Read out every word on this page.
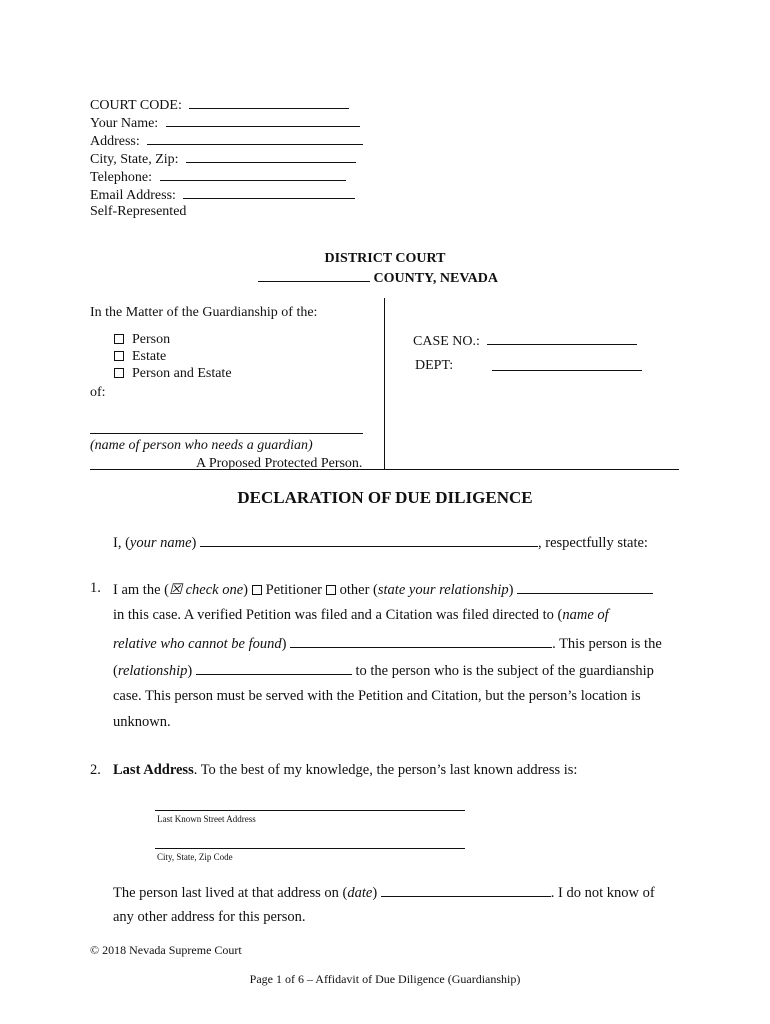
COURT CODE:
Your Name:
Address:
City, State, Zip:
Telephone:
Email Address:
Self-Represented
DISTRICT COURT
COUNTY, NEVADA
In the Matter of the Guardianship of the:
Person
Estate
Person and Estate
of:
(name of person who needs a guardian)
A Proposed Protected Person.
CASE NO.:
DEPT:
DECLARATION OF DUE DILIGENCE
I, (your name)	, respectfully state:
1. I am the (☒ check one) Petitioner other (state your relationship)
in this case. A verified Petition was filed and a Citation was filed directed to (name of
relative who cannot be found)	. This person is the
(relationship)	to the person who is the subject of the guardianship
case. This person must be served with the Petition and Citation, but the person’s location is
unknown.
2. Last Address. To the best of my knowledge, the person’s last known address is:
Last Known Street Address
City, State, Zip Code
The person last lived at that address on (date)	. I do not know of
any other address for this person.
© 2018 Nevada Supreme Court
Page 1 of 6 – Affidavit of Due Diligence (Guardianship)
